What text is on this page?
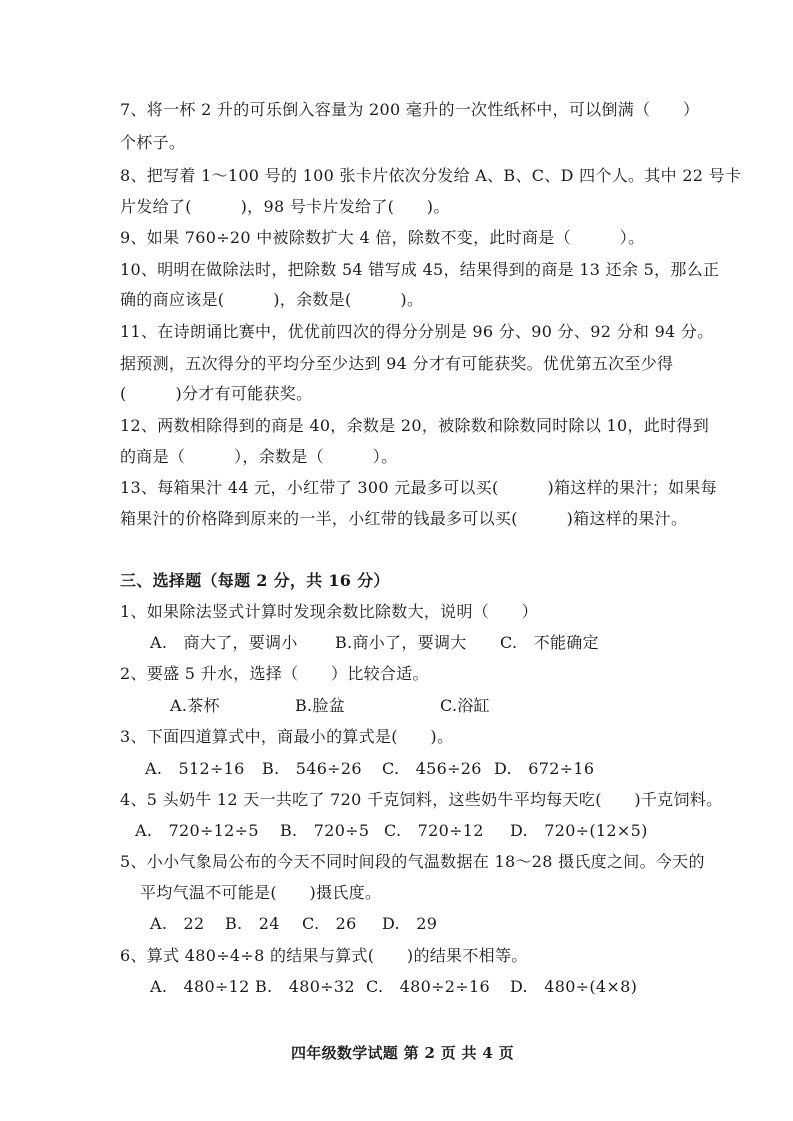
7、将一杯 2 升的可乐倒入容量为 200 毫升的一次性纸杯中，可以倒满（　　）
个杯子。
8、把写着 1～100 号的 100 张卡片依次分发给 A、B、C、D 四个人。其中 22 号卡
片发给了(　　　)，98 号卡片发给了(　　)。
9、如果 760÷20 中被除数扩大 4 倍，除数不变，此时商是（　　　）。
10、明明在做除法时，把除数 54 错写成 45，结果得到的商是 13 还余 5，那么正
确的商应该是(　　　)，余数是(　　　)。
11、在诗朗诵比赛中，优优前四次的得分分别是 96 分、90 分、92 分和 94 分。
据预测，五次得分的平均分至少达到 94 分才有可能获奖。优优第五次至少得
(　　　)分才有可能获奖。
12、两数相除得到的商是 40，余数是 20，被除数和除数同时除以 10，此时得到
的商是（　　　），余数是（　　　）。
13、每箱果汁 44 元，小红带了 300 元最多可以买(　　　)箱这样的果汁；如果每
箱果汁的价格降到原来的一半，小红带的钱最多可以买(　　　)箱这样的果汁。
三、选择题（每题 2 分，共 16 分）
1、如果除法竖式计算时发现余数比除数大，说明（　　）
A.　商大了，要调小 B.商小了，要调大 C.　不能确定
2、要盛 5 升水，选择（　　）比较合适。
A.茶杯	B.脸盆	C.浴缸
3、下面四道算式中，商最小的算式是(　　)。
A.　512÷16 B.　546÷26 C.　456÷26 D.　672÷16
4、5 头奶牛 12 天一共吃了 720 千克饲料，这些奶牛平均每天吃(　　)千克饲料。
A.　720÷12÷5 B.　720÷5 C.　720÷12 D.　720÷(12×5)
5、小小气象局公布的今天不同时间段的气温数据在 18～28 摄氏度之间。今天的
平均气温不可能是(　　)摄氏度。
A.　22 B.　24 C.　26 D.　29
6、算式 480÷4÷8 的结果与算式(　　)的结果不相等。
A.　480÷12 B.　480÷32 C.　480÷2÷16 D.　480÷(4×8)
四年级数学试题 第 2 页 共 4 页
